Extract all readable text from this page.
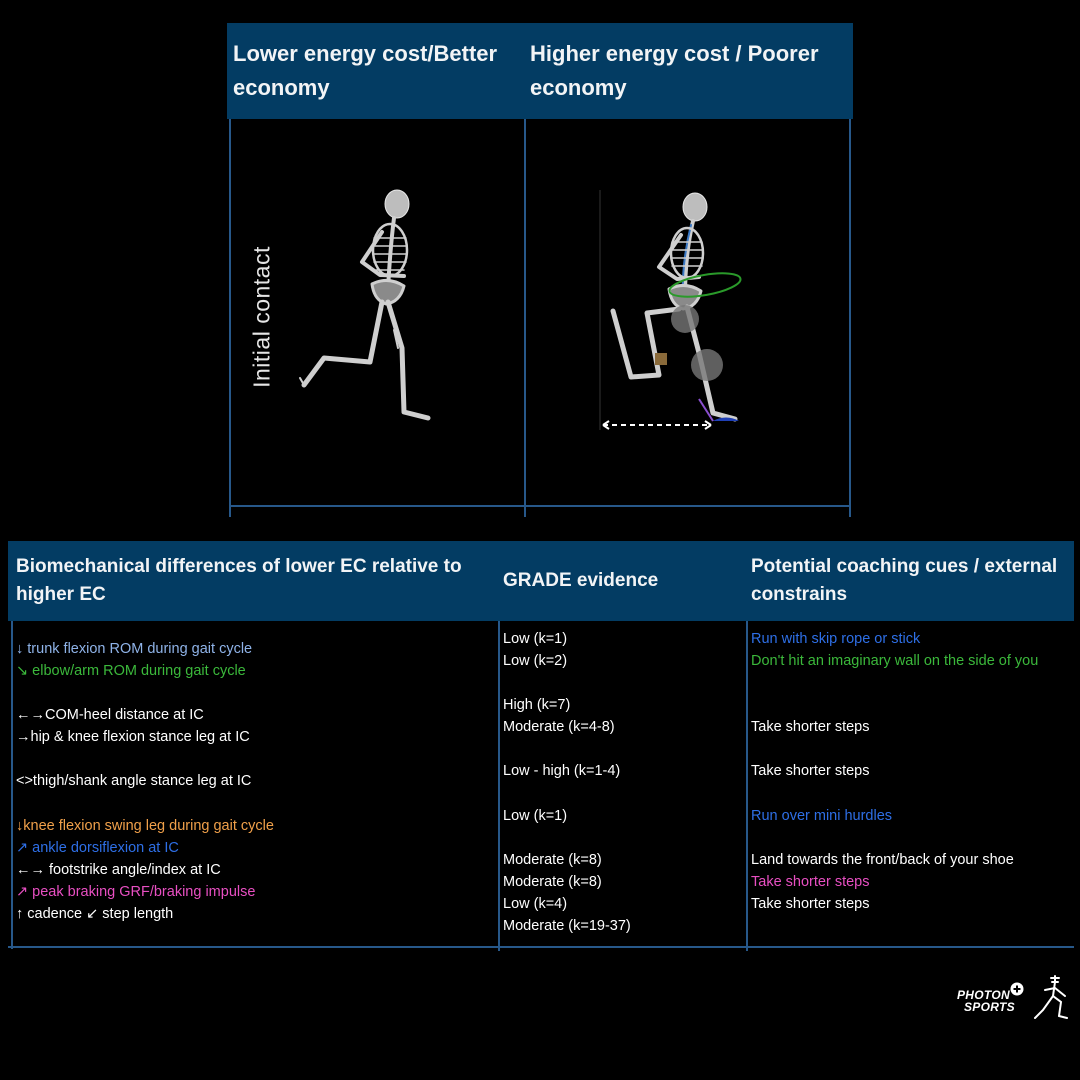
Lower energy cost/Better economy
Higher energy cost / Poorer economy
Initial contact
Biomechanical differences of lower EC relative to higher EC
GRADE evidence
Potential coaching cues / external constrains
↓ trunk flexion ROM during gait cycle
↘ elbow/arm ROM during gait cycle
←→COM-heel distance at IC
→hip & knee flexion stance leg at IC
<>thigh/shank angle stance leg at IC
↓knee flexion swing leg during gait cycle
↗ ankle dorsiflexion at IC
←→ footstrike angle/index at IC
↗ peak braking GRF/braking impulse
↑ cadence ↙ step length
Low (k=1)
Low (k=2)
High (k=7)
Moderate (k=4-8)
Low - high (k=1-4)
Low (k=1)
Moderate (k=8)
Moderate (k=8)
Low (k=4)
Moderate (k=19-37)
Run with skip rope or stick
Don't hit an imaginary wall on the side of you
Take shorter steps
Take shorter steps
Run over mini hurdles
Land towards the front/back of your shoe
Take shorter steps
Take shorter steps
PHOTON
SPORTS
